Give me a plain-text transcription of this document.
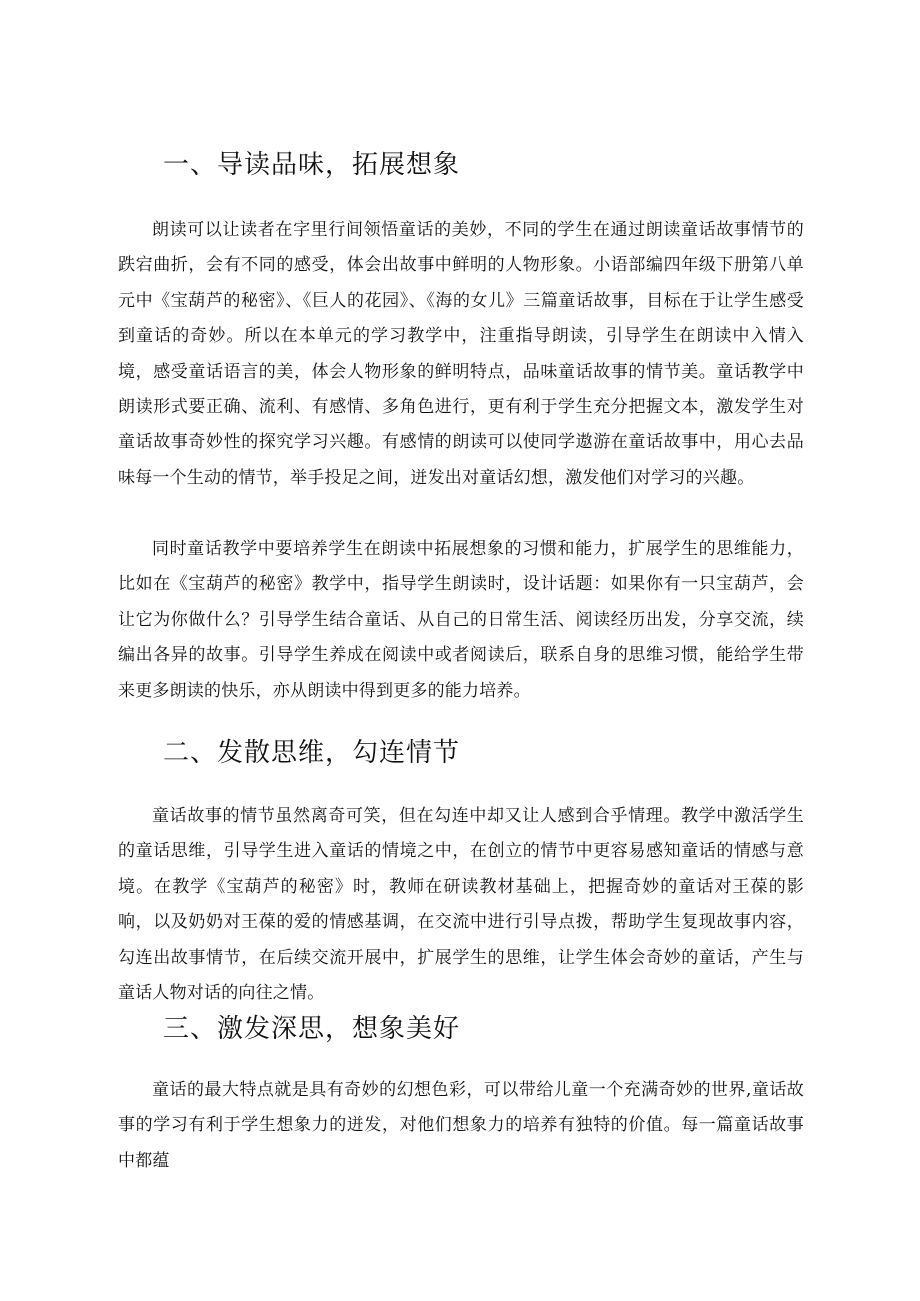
一、导读品味，拓展想象

朗读可以让读者在字里行间领悟童话的美妙，不同的学生在通过朗读童话故事情节的跌宕曲折，会有不同的感受，体会出故事中鲜明的人物形象。小语部编四年级下册第八单元中《宝葫芦的秘密》、《巨人的花园》、《海的女儿》三篇童话故事，目标在于让学生感受到童话的奇妙。所以在本单元的学习教学中，注重指导朗读，引导学生在朗读中入情入境，感受童话语言的美，体会人物形象的鲜明特点，品味童话故事的情节美。童话教学中朗读形式要正确、流利、有感情、多角色进行，更有利于学生充分把握文本，激发学生对童话故事奇妙性的探究学习兴趣。有感情的朗读可以使同学遨游在童话故事中，用心去品味每一个生动的情节，举手投足之间，迸发出对童话幻想，激发他们对学习的兴趣。

同时童话教学中要培养学生在朗读中拓展想象的习惯和能力，扩展学生的思维能力，比如在《宝葫芦的秘密》教学中，指导学生朗读时，设计话题：如果你有一只宝葫芦，会让它为你做什么？引导学生结合童话、从自己的日常生活、阅读经历出发，分享交流，续编出各异的故事。引导学生养成在阅读中或者阅读后，联系自身的思维习惯，能给学生带来更多朗读的快乐，亦从朗读中得到更多的能力培养。

二、发散思维，勾连情节

童话故事的情节虽然离奇可笑，但在勾连中却又让人感到合乎情理。教学中激活学生的童话思维，引导学生进入童话的情境之中，在创立的情节中更容易感知童话的情感与意境。在教学《宝葫芦的秘密》时，教师在研读教材基础上，把握奇妙的童话对王葆的影响，以及奶奶对王葆的爱的情感基调，在交流中进行引导点拨，帮助学生复现故事内容，勾连出故事情节，在后续交流开展中，扩展学生的思维，让学生体会奇妙的童话，产生与童话人物对话的向往之情。

三、激发深思，想象美好

童话的最大特点就是具有奇妙的幻想色彩，可以带给儿童一个充满奇妙的世界,童话故事的学习有利于学生想象力的迸发，对他们想象力的培养有独特的价值。每一篇童话故事中都蕴
